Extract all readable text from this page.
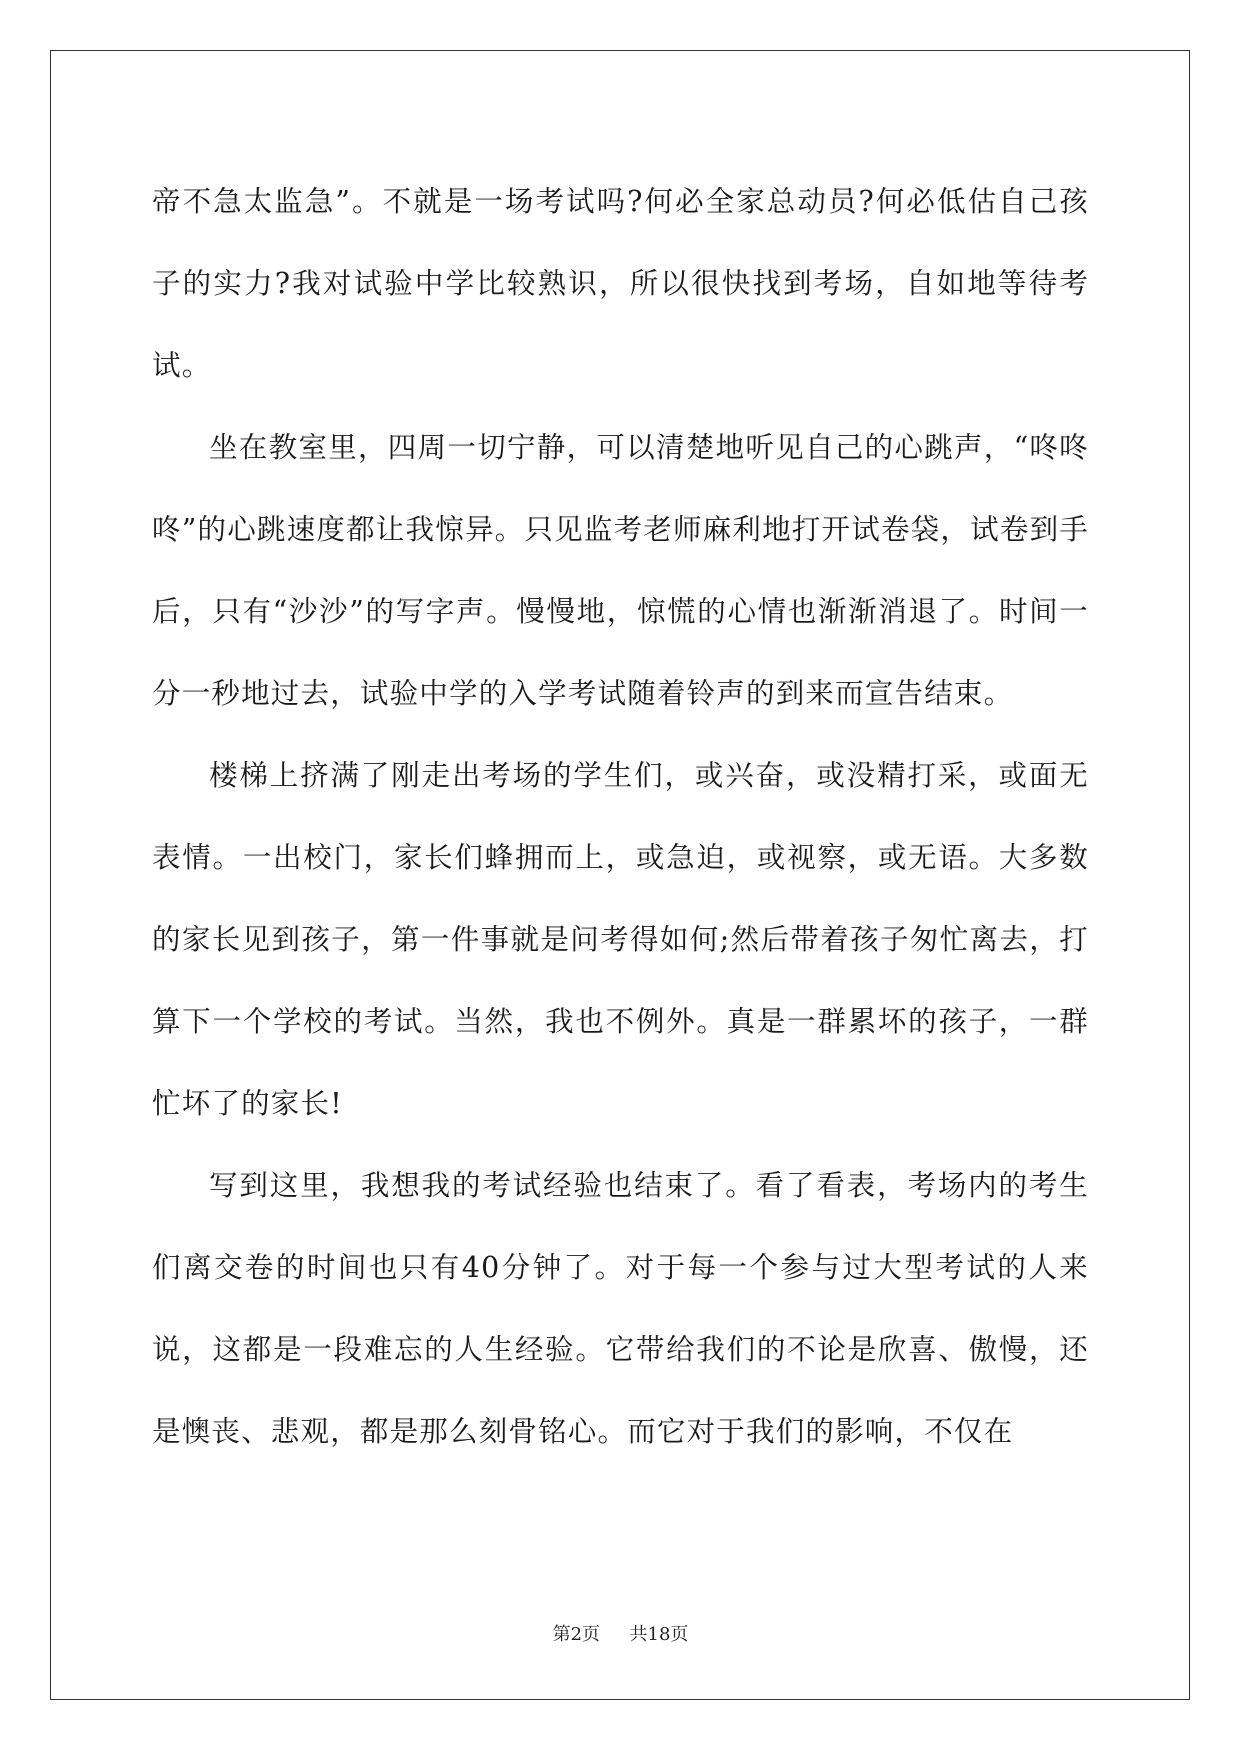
帝不急太监急”。不就是一场考试吗?何必全家总动员?何必低估自己孩子的实力?我对试验中学比较熟识，所以很快找到考场，自如地等待考试。

坐在教室里，四周一切宁静，可以清楚地听见自己的心跳声，“咚咚咚”的心跳速度都让我惊异。只见监考老师麻利地打开试卷袋，试卷到手后，只有“沙沙”的写字声。慢慢地，惊慌的心情也渐渐消退了。时间一分一秒地过去，试验中学的入学考试随着铃声的到来而宣告结束。

楼梯上挤满了刚走出考场的学生们，或兴奋，或没精打采，或面无表情。一出校门，家长们蜂拥而上，或急迫，或视察，或无语。大多数的家长见到孩子，第一件事就是问考得如何;然后带着孩子匆忙离去，打算下一个学校的考试。当然，我也不例外。真是一群累坏的孩子，一群忙坏了的家长!

写到这里，我想我的考试经验也结束了。看了看表，考场内的考生们离交卷的时间也只有40分钟了。对于每一个参与过大型考试的人来说，这都是一段难忘的人生经验。它带给我们的不论是欣喜、傲慢，还是懊丧、悲观，都是那么刻骨铭心。而它对于我们的影响，不仅在

第2页 共18页
